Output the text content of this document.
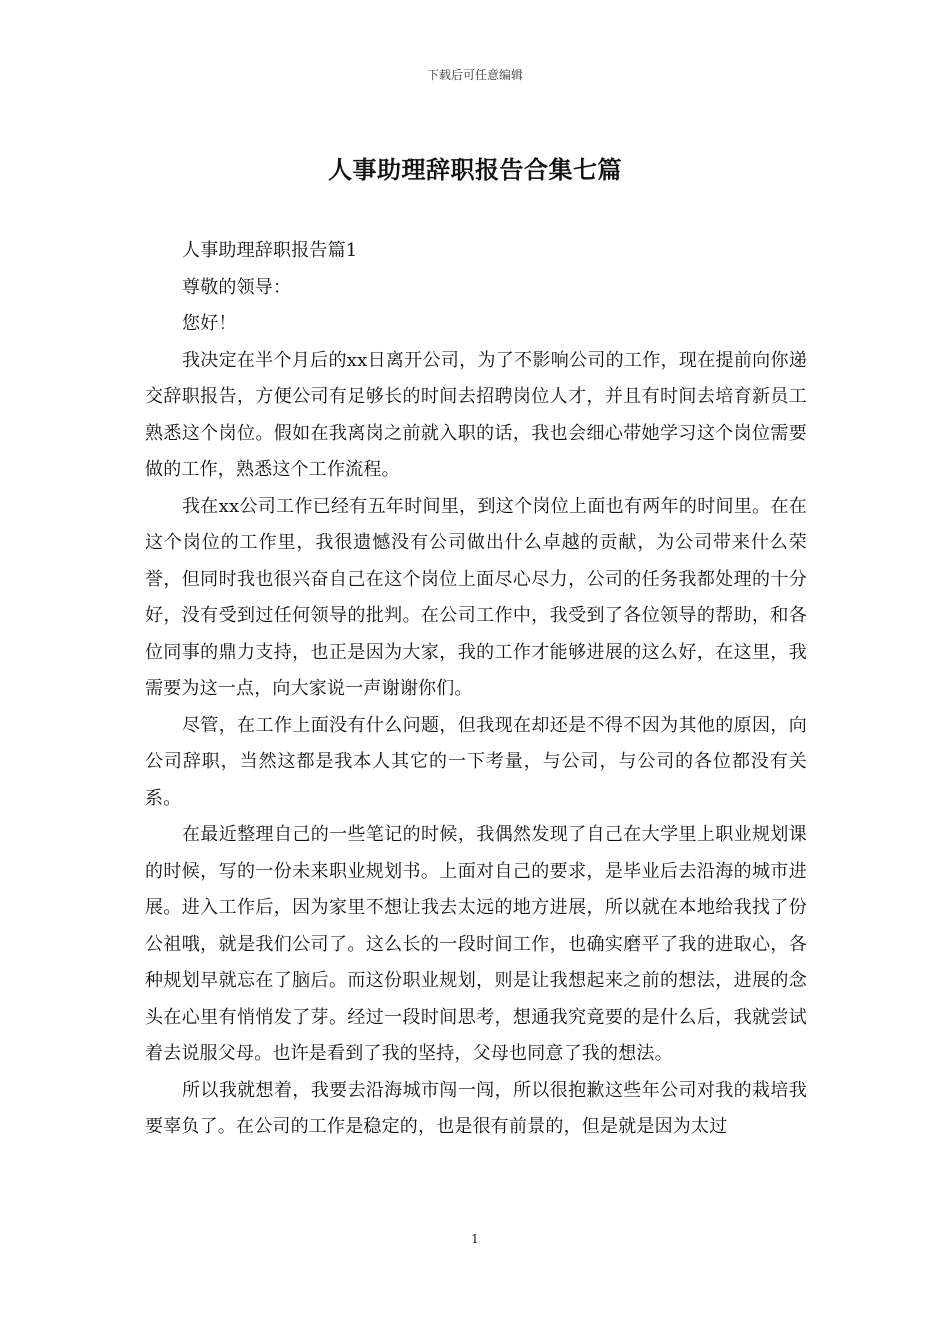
下载后可任意编辑
人事助理辞职报告合集七篇

人事助理辞职报告篇1

尊敬的领导：

您好！

我决定在半个月后的xx日离开公司，为了不影响公司的工作，现在提前向你递交辞职报告，方便公司有足够长的时间去招聘岗位人才，并且有时间去培育新员工熟悉这个岗位。假如在我离岗之前就入职的话，我也会细心带她学习这个岗位需要做的工作，熟悉这个工作流程。

我在xx公司工作已经有五年时间里，到这个岗位上面也有两年的时间里。在在这个岗位的工作里，我很遗憾没有公司做出什么卓越的贡献，为公司带来什么荣誉，但同时我也很兴奋自己在这个岗位上面尽心尽力，公司的任务我都处理的十分好，没有受到过任何领导的批判。在公司工作中，我受到了各位领导的帮助，和各位同事的鼎力支持，也正是因为大家，我的工作才能够进展的这么好，在这里，我需要为这一点，向大家说一声谢谢你们。

尽管，在工作上面没有什么问题，但我现在却还是不得不因为其他的原因，向公司辞职，当然这都是我本人其它的一下考量，与公司，与公司的各位都没有关系。

在最近整理自己的一些笔记的时候，我偶然发现了自己在大学里上职业规划课的时候，写的一份未来职业规划书。上面对自己的要求，是毕业后去沿海的城市进展。进入工作后，因为家里不想让我去太远的地方进展，所以就在本地给我找了份公祖哦，就是我们公司了。这么长的一段时间工作，也确实磨平了我的进取心，各种规划早就忘在了脑后。而这份职业规划，则是让我想起来之前的想法，进展的念头在心里有悄悄发了芽。经过一段时间思考，想通我究竟要的是什么后，我就尝试着去说服父母。也许是看到了我的坚持，父母也同意了我的想法。

所以我就想着，我要去沿海城市闯一闯，所以很抱歉这些年公司对我的栽培我要辜负了。在公司的工作是稳定的，也是很有前景的，但是就是因为太过

1
